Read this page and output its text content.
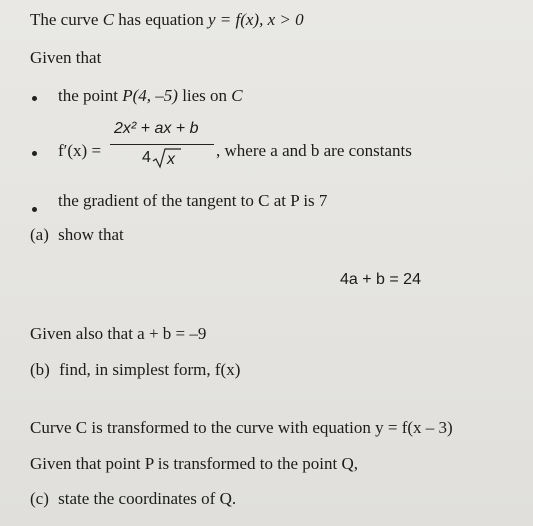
The curve C has equation y = f(x), x > 0
Given that
the point P(4, –5) lies on C
f′(x) =
2x² + ax + b
4 x , where a and b are constants
the gradient of the tangent to C at P is 7
(a) show that
4a + b = 24
Given also that a + b = –9
(b) find, in simplest form, f(x)
Curve C is transformed to the curve with equation y = f(x – 3)
Given that point P is transformed to the point Q,
(c) state the coordinates of Q.
